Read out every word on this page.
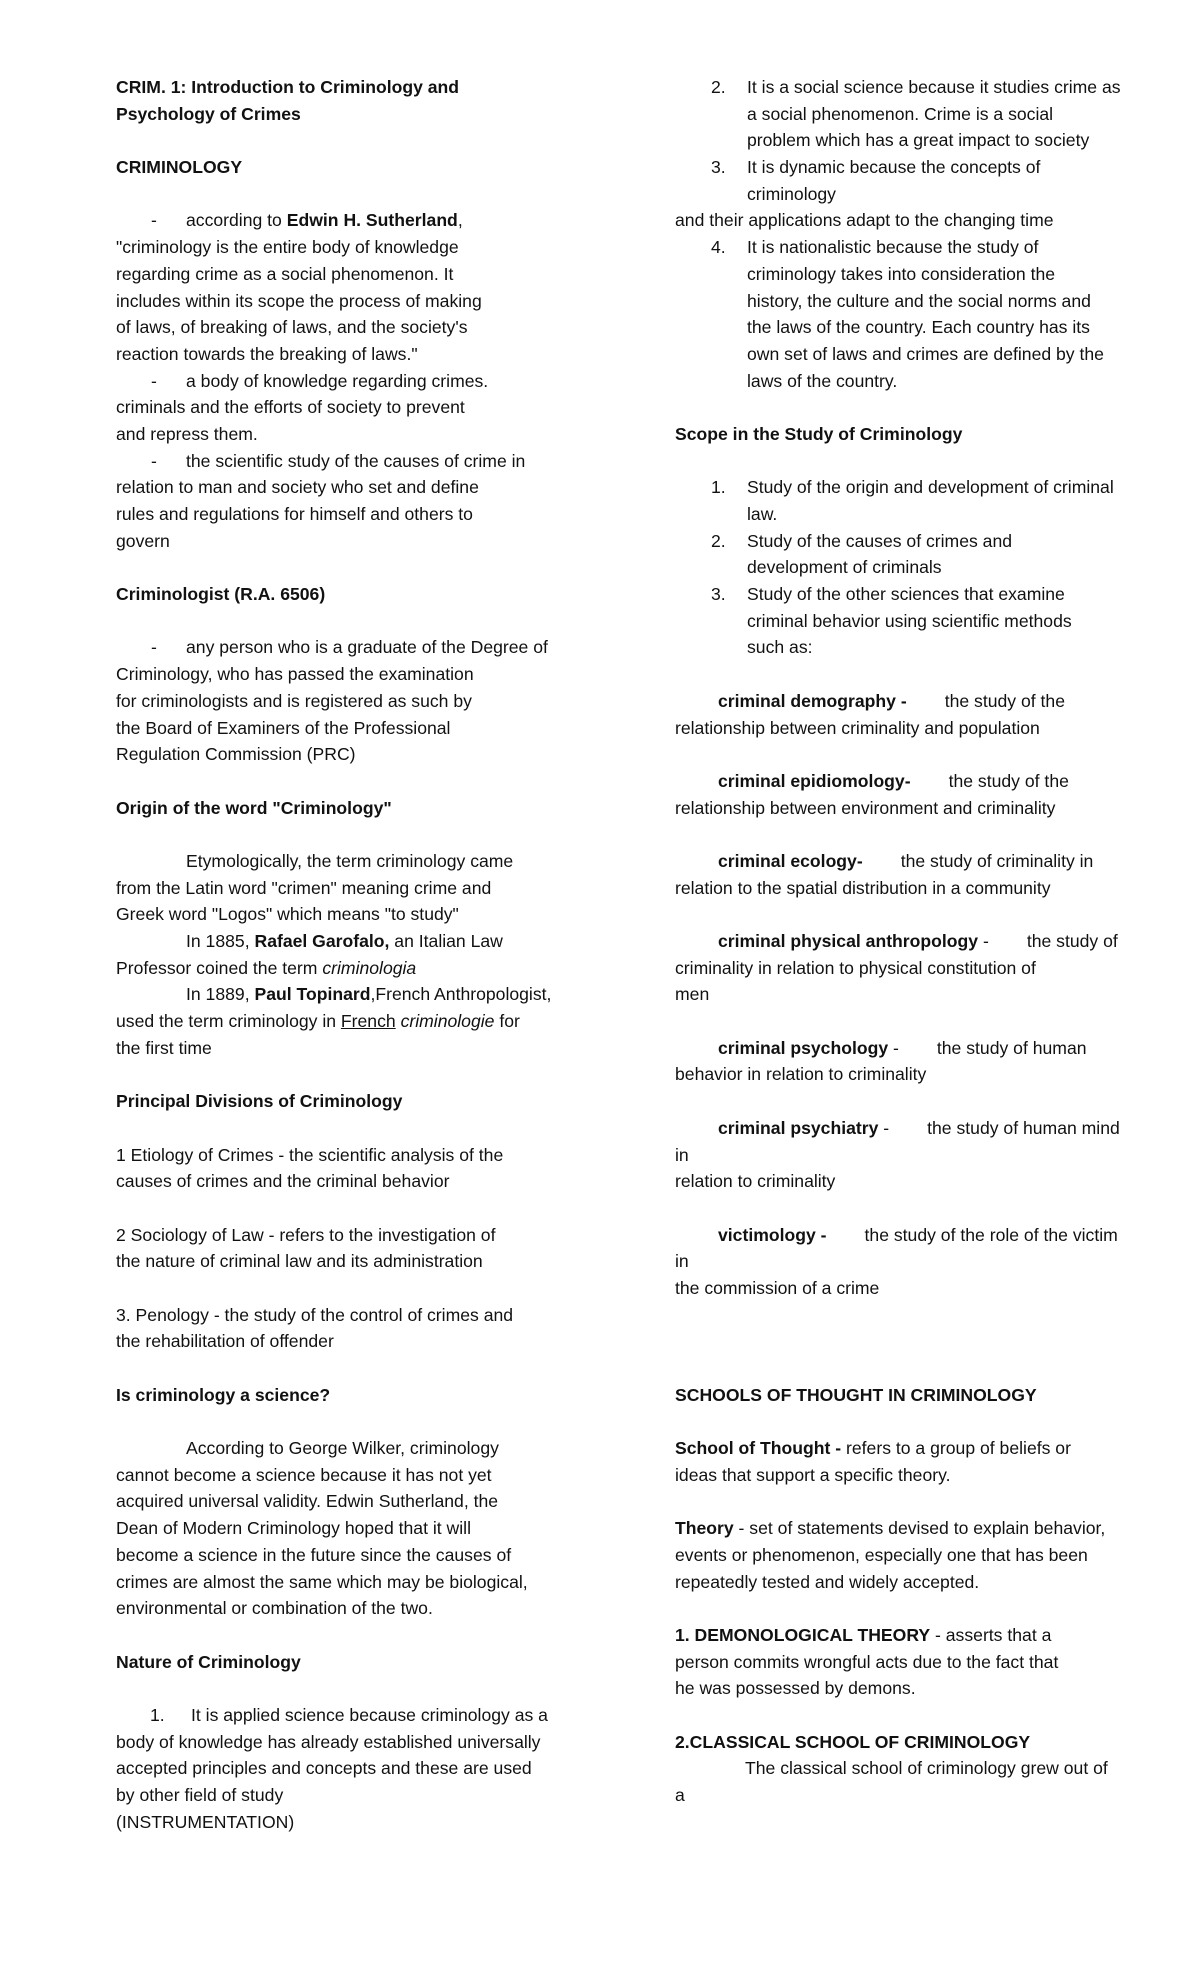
CRIM. 1: Introduction to Criminology and
Psychology of Crimes
CRIMINOLOGY
- according to Edwin H. Sutherland,
"criminology is the entire body of knowledge
regarding crime as a social phenomenon. It
includes within its scope the process of making
of laws, of breaking of laws, and the society's
reaction towards the breaking of laws."
- a body of knowledge regarding crimes.
criminals and the efforts of society to prevent
and repress them.
- the scientific study of the causes of crime in
relation to man and society who set and define
rules and regulations for himself and others to
govern
Criminologist (R.A. 6506)
- any person who is a graduate of the Degree of
Criminology, who has passed the examination
for criminologists and is registered as such by
the Board of Examiners of the Professional
Regulation Commission (PRC)
Origin of the word "Criminology"
Etymologically, the term criminology came
from the Latin word "crimen" meaning crime and
Greek word "Logos" which means "to study"
In 1885, Rafael Garofalo, an Italian Law
Professor coined the term criminologia
In 1889, Paul Topinard,French Anthropologist,
used the term criminology in French criminologie for
the first time
Principal Divisions of Criminology
1 Etiology of Crimes - the scientific analysis of the
causes of crimes and the criminal behavior
2 Sociology of Law - refers to the investigation of
the nature of criminal law and its administration
3. Penology - the study of the control of crimes and
the rehabilitation of offender
Is criminology a science?
According to George Wilker, criminology
cannot become a science because it has not yet
acquired universal validity. Edwin Sutherland, the
Dean of Modern Criminology hoped that it will
become a science in the future since the causes of
crimes are almost the same which may be biological,
environmental or combination of the two.
Nature of Criminology
1. It is applied science because criminology as a
body of knowledge has already established universally
accepted principles and concepts and these are used
by other field of study
(INSTRUMENTATION)
2. It is a social science because it studies crime as
a social phenomenon. Crime is a social
problem which has a great impact to society
3. It is dynamic because the concepts of
criminology
and their applications adapt to the changing time
4. It is nationalistic because the study of
criminology takes into consideration the
history, the culture and the social norms and
the laws of the country. Each country has its
own set of laws and crimes are defined by the
laws of the country.
Scope in the Study of Criminology
1. Study of the origin and development of criminal
law.
2. Study of the causes of crimes and
development of criminals
3. Study of the other sciences that examine
criminal behavior using scientific methods
such as:
criminal demography - the study of the
relationship between criminality and population
criminal epidiomology- the study of the
relationship between environment and criminality
criminal ecology- the study of criminality in
relation to the spatial distribution in a community
criminal physical anthropology - the study of
criminality in relation to physical constitution of
men
criminal psychology - the study of human
behavior in relation to criminality
criminal psychiatry - the study of human mind
in
relation to criminality
victimology - the study of the role of the victim
in
the commission of a crime
SCHOOLS OF THOUGHT IN CRIMINOLOGY
School of Thought - refers to a group of beliefs or
ideas that support a specific theory.
Theory - set of statements devised to explain behavior,
events or phenomenon, especially one that has been
repeatedly tested and widely accepted.
1. DEMONOLOGICAL THEORY - asserts that a
person commits wrongful acts due to the fact that
he was possessed by demons.
2.CLASSICAL SCHOOL OF CRIMINOLOGY
The classical school of criminology grew out of
a
